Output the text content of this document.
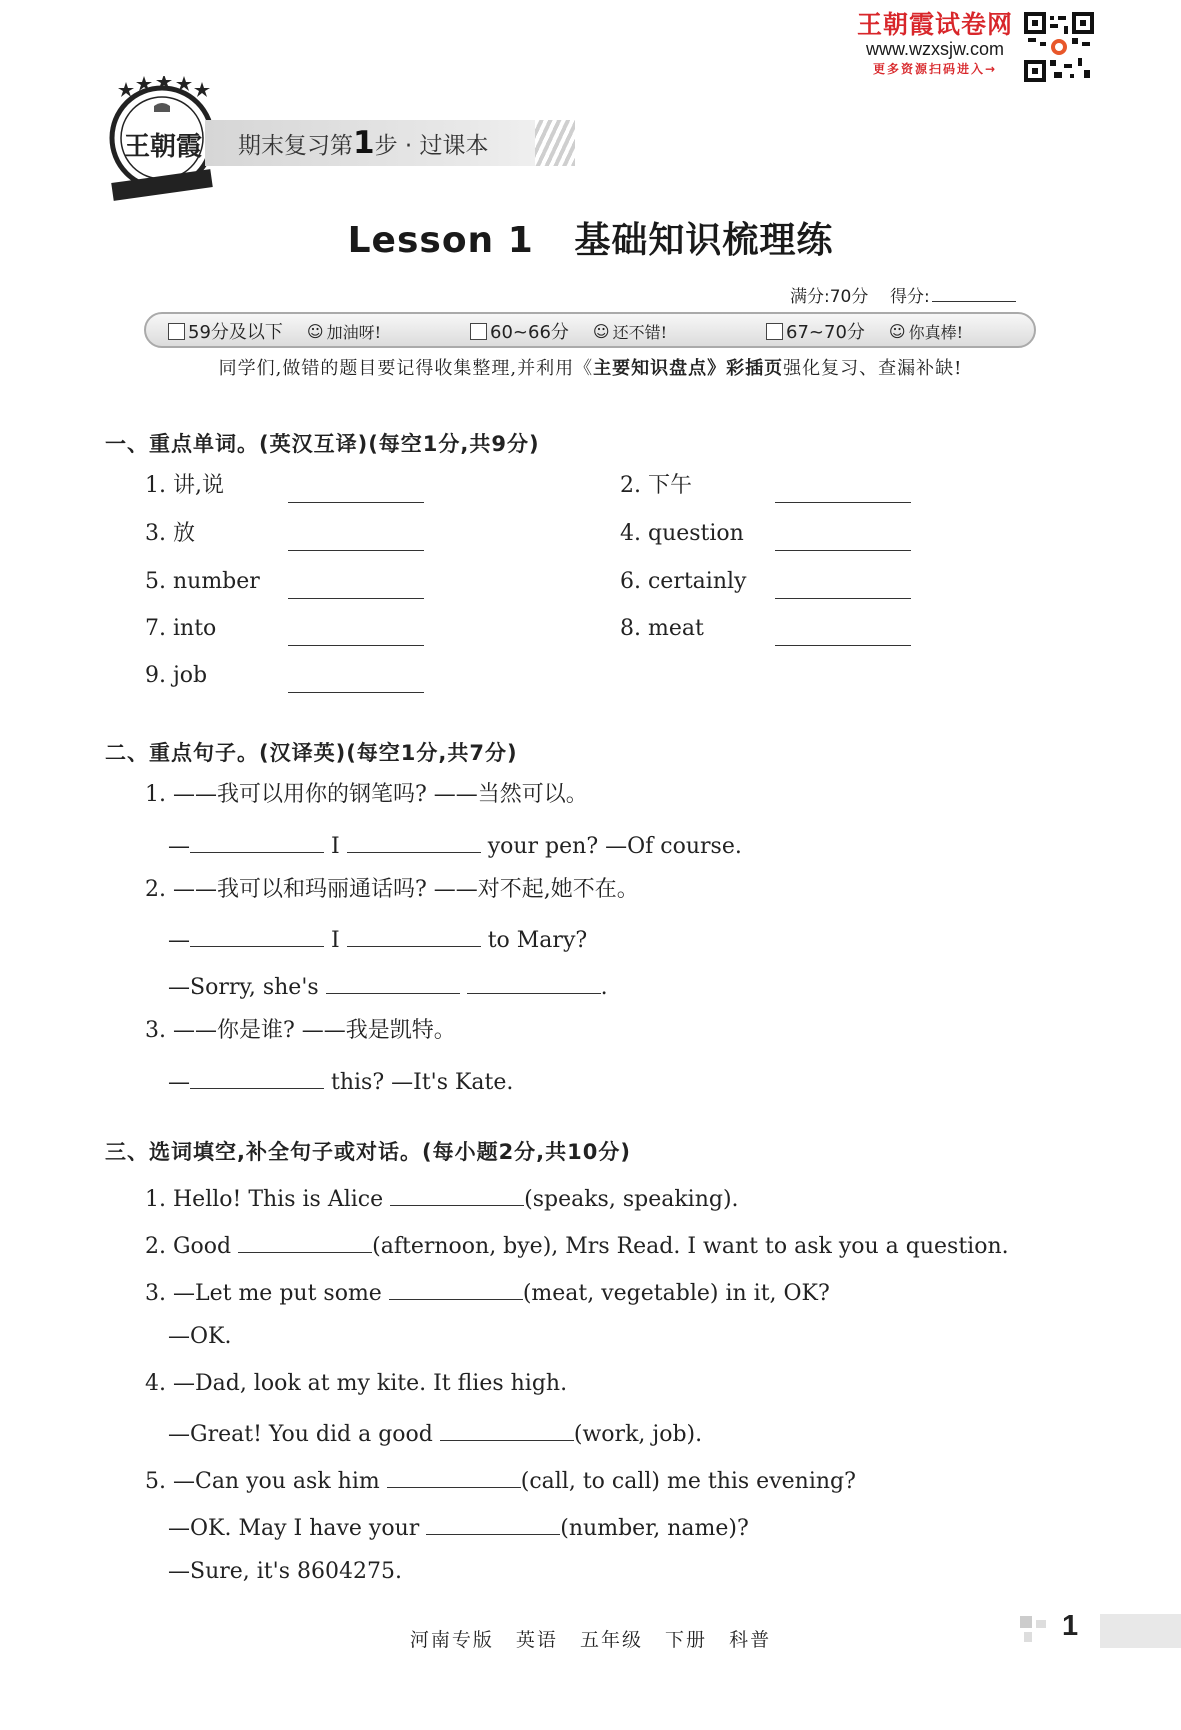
王朝霞试卷网
www.wzxsjw.com
更多资源扫码进入→
王朝霞 期末复习第1步 · 过课本
Lesson 1   基础知识梳理练
满分:70分 得分:
59分及以下 ☺ 加油呀!	60~66分 ☺ 还不错!	67~70分 ☺ 你真棒!
同学们,做错的题目要记得收集整理,并利用《主要知识盘点》彩插页强化复习、查漏补缺!
一、重点单词。(英汉互译)(每空1分,共9分)
1. 讲,说	2. 下午
3. 放	4. question
5. number	6. certainly
7. into	8. meat
9. job
二、重点句子。(汉译英)(每空1分,共7分)
1. ——我可以用你的钢笔吗? ——当然可以。
—	I	your pen? —Of course.
2. ——我可以和玛丽通话吗? ——对不起,她不在。
—	I	to Mary?
—Sorry, she's	.
3. ——你是谁? ——我是凯特。
—	this? —It's Kate.
三、选词填空,补全句子或对话。(每小题2分,共10分)
1. Hello! This is Alice	(speaks, speaking).
2. Good	(afternoon, bye), Mrs Read. I want to ask you a question.
3. —Let me put some	(meat, vegetable) in it, OK?
—OK.
4. —Dad, look at my kite. It flies high.
—Great! You did a good	(work, job).
5. —Can you ask him	(call, to call) me this evening?
—OK. May I have your	(number, name)?
—Sure, it's 8604275.
河南专版 英语 五年级 下册 科普	1
